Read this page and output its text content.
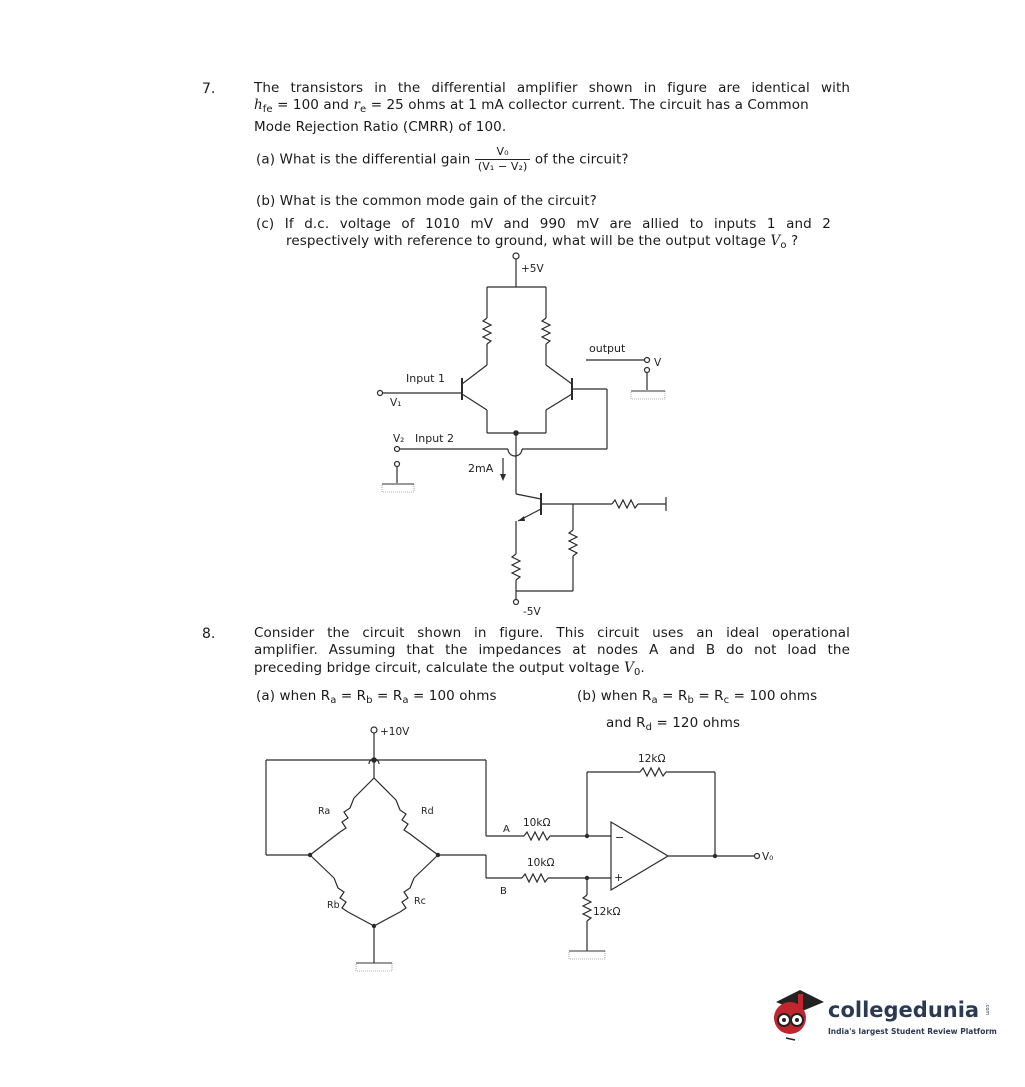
7.	The transistors in the differential amplifier shown in figure are identical with
$h_{fe} = 100$ and $r_e = 25$ ohms at 1 mA collector current. The circuit has a Common
Mode Rejection Ratio (CMRR) of 100.
(a) What is the differential gain $\frac{\text{V₀}}{\text{(V₁ − V₂)}}$ of the circuit?
(b) What is the common mode gain of the circuit?
(c) If d.c. voltage of 1010 mV and 990 mV are allied to inputs 1 and 2
respectively with reference to ground, what will be the output voltage $V_o$ ?
+5V
-5V
output
V
Input 1
V₁
V₂ Input 2
2mA
8.	Consider the circuit shown in figure. This circuit uses an ideal operational
amplifier. Assuming that the impedances at nodes A and B do not load the
preceding bridge circuit, calculate the output voltage $V_0$.
(a) when $R_a = R_b = R_a = 100$ ohms	(b) when $R_a = R_b = R_c = 100$ ohms
and $R_d = 120$ ohms
+10V
Ra	Rd
Rb	Rc
A
B
10kΩ
10kΩ
12kΩ
12kΩ
−
+
V₀
collegedunia .com
India's largest Student Review Platform
